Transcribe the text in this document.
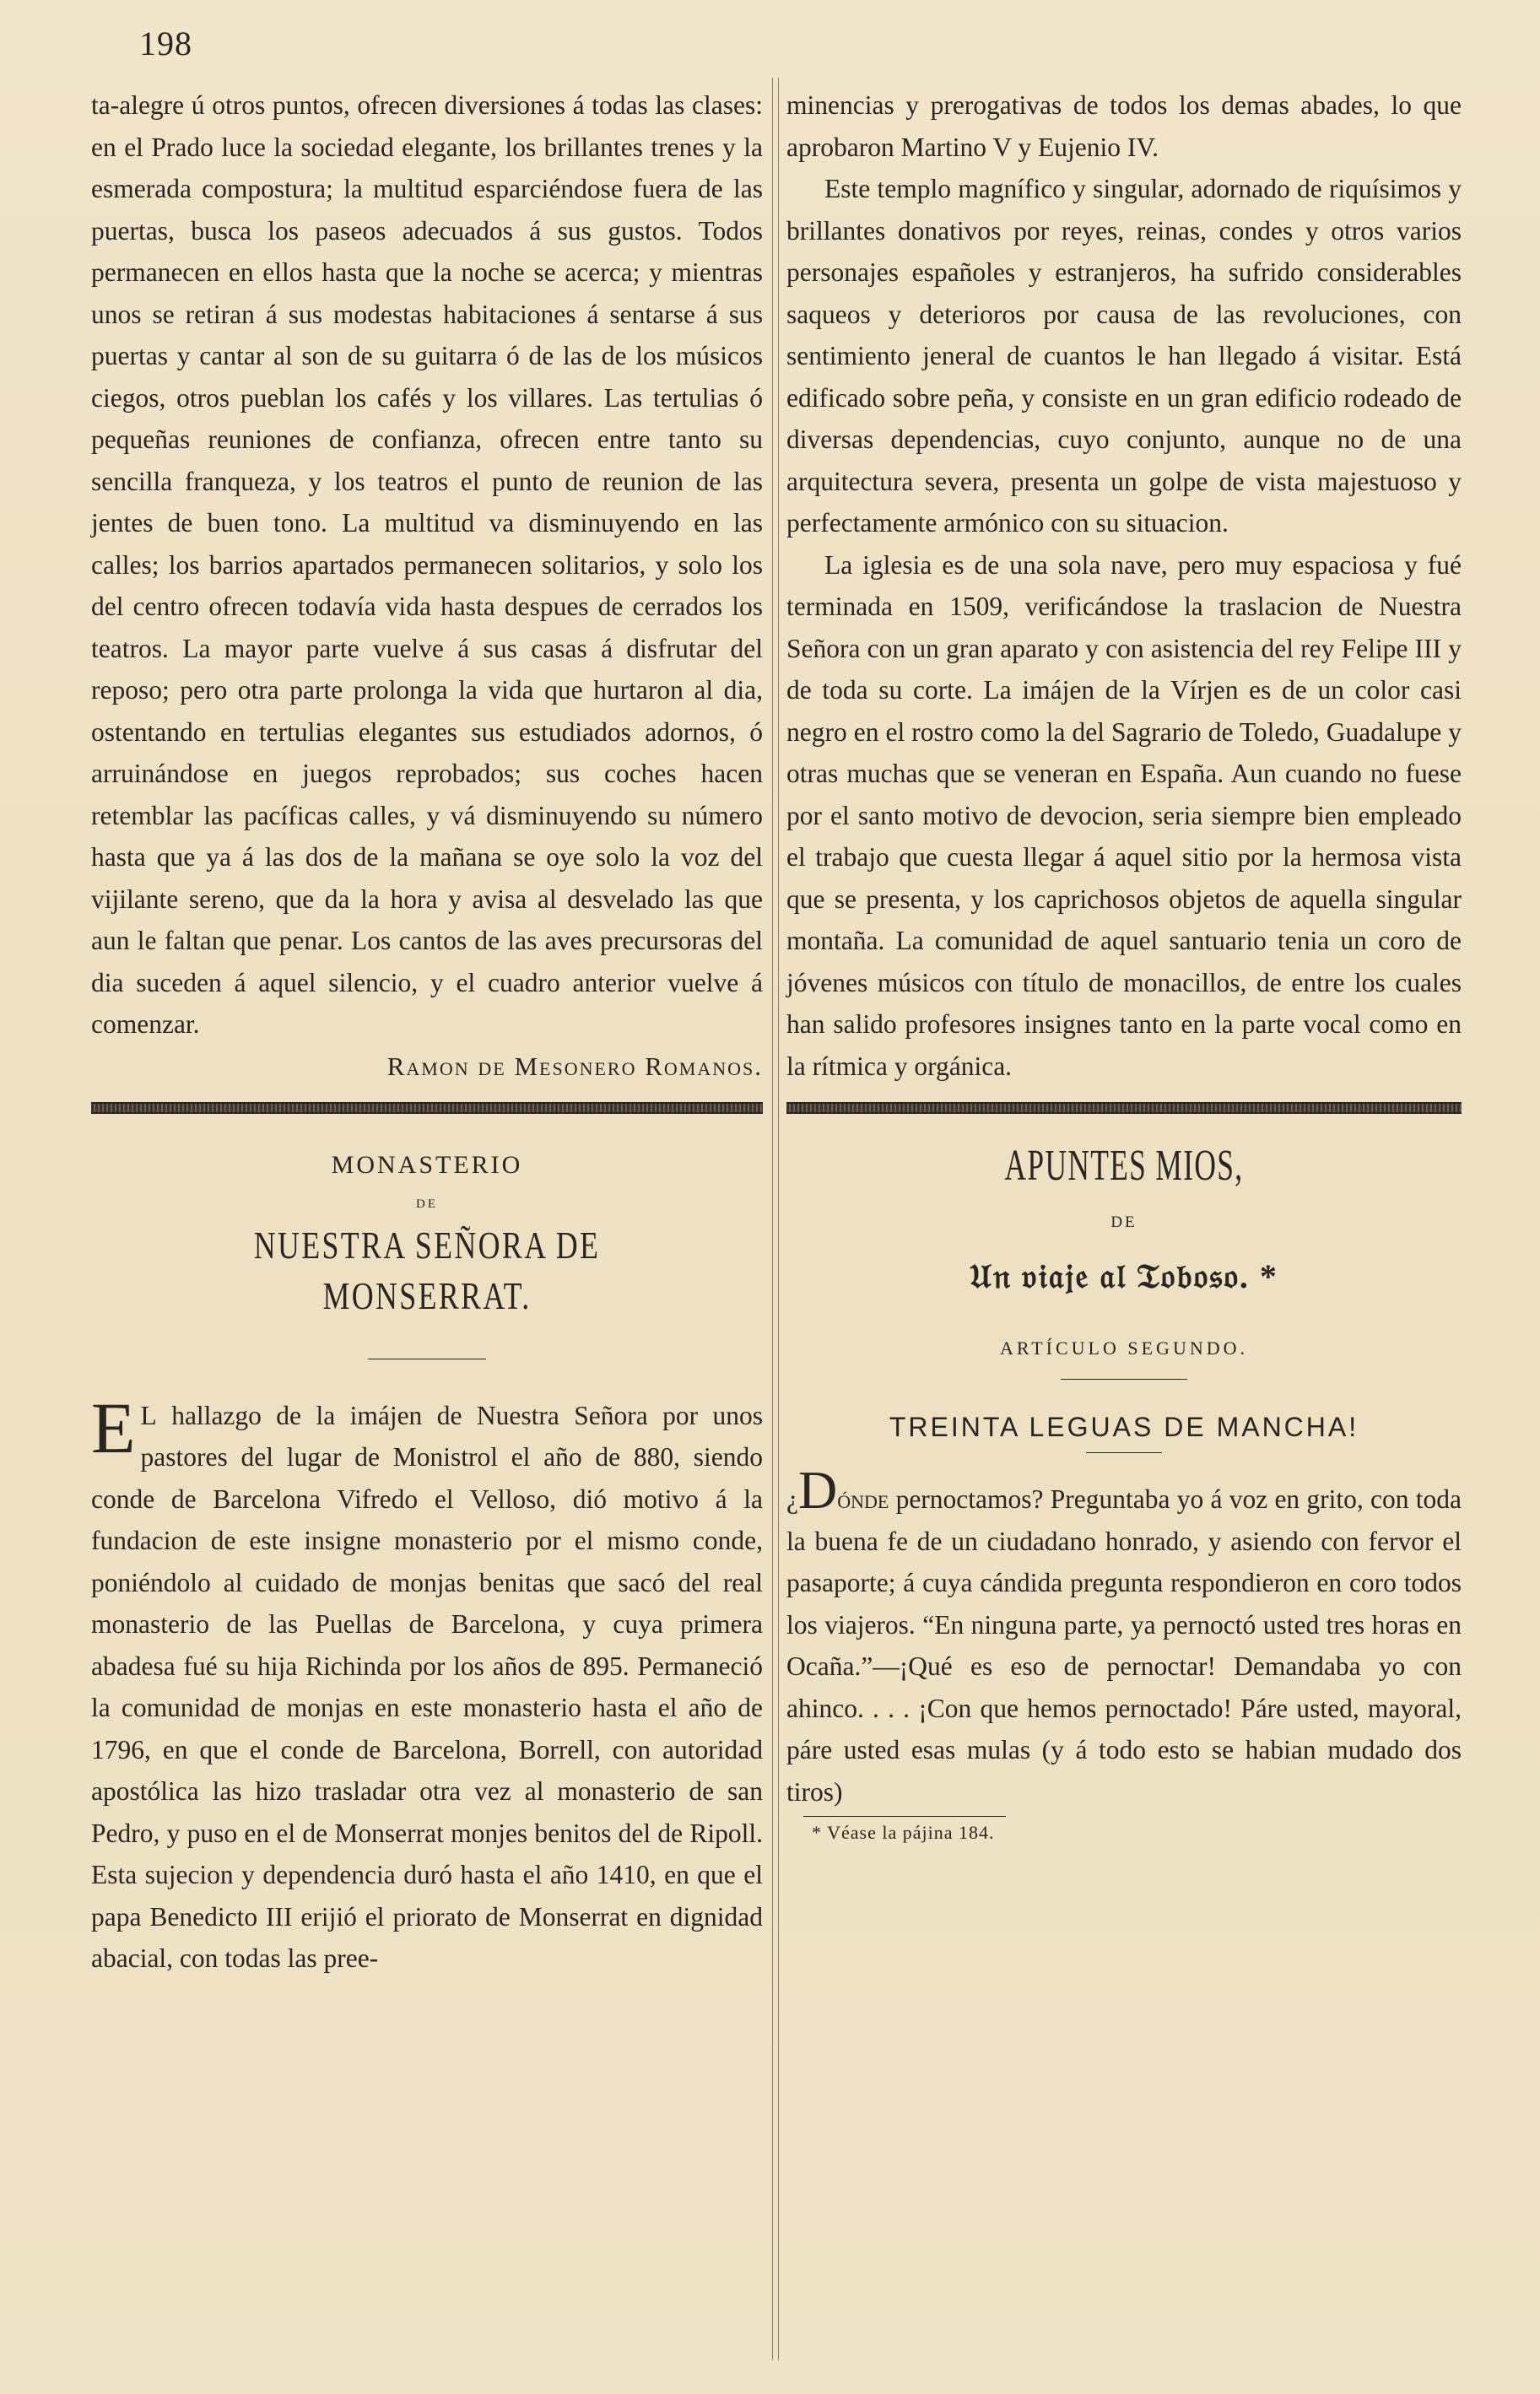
198

ta-alegre ú otros puntos, ofrecen diversiones á todas las clases: en el Prado luce la sociedad elegante, los brillantes trenes y la esmerada compostura; la multitud esparciéndose fuera de las puertas, busca los paseos adecuados á sus gustos. Todos permanecen en ellos hasta que la noche se acerca; y mientras unos se retiran á sus modestas habitaciones á sentarse á sus puertas y cantar al son de su guitarra ó de las de los músicos ciegos, otros pueblan los cafés y los villares. Las tertulias ó pequeñas reuniones de confianza, ofrecen entre tanto su sencilla franqueza, y los teatros el punto de reunion de las jentes de buen tono. La multitud va disminuyendo en las calles; los barrios apartados permanecen solitarios, y solo los del centro ofrecen todavía vida hasta despues de cerrados los teatros. La mayor parte vuelve á sus casas á disfrutar del reposo; pero otra parte prolonga la vida que hurtaron al dia, ostentando en tertulias elegantes sus estudiados adornos, ó arruinándose en juegos reprobados; sus coches hacen retemblar las pacíficas calles, y vá disminuyendo su número hasta que ya á las dos de la mañana se oye solo la voz del vijilante sereno, que da la hora y avisa al desvelado las que aun le faltan que penar. Los cantos de las aves precursoras del dia suceden á aquel silencio, y el cuadro anterior vuelve á comenzar.

Ramon de Mesonero Romanos.

MONASTERIO
DE
NUESTRA SEÑORA DE MONSERRAT.

E L hallazgo de la imájen de Nuestra Señora por unos pastores del lugar de Monistrol el año de 880, siendo conde de Barcelona Vifredo el Velloso, dió motivo á la fundacion de este insigne monasterio por el mismo conde, poniéndolo al cuidado de monjas benitas que sacó del real monasterio de las Puellas de Barcelona, y cuya primera abadesa fué su hija Richinda por los años de 895. Permaneció la comunidad de monjas en este monasterio hasta el año de 1796, en que el conde de Barcelona, Borrell, con autoridad apostólica las hizo trasladar otra vez al monasterio de san Pedro, y puso en el de Monserrat monjes benitos del de Ripoll. Esta sujecion y dependencia duró hasta el año 1410, en que el papa Benedicto III erijió el priorato de Monserrat en dignidad abacial, con todas las pree-

minencias y prerogativas de todos los demas abades, lo que aprobaron Martino V y Eujenio IV.

Este templo magnífico y singular, adornado de riquísimos y brillantes donativos por reyes, reinas, condes y otros varios personajes españoles y estranjeros, ha sufrido considerables saqueos y deterioros por causa de las revoluciones, con sentimiento jeneral de cuantos le han llegado á visitar. Está edificado sobre peña, y consiste en un gran edificio rodeado de diversas dependencias, cuyo conjunto, aunque no de una arquitectura severa, presenta un golpe de vista majestuoso y perfectamente armónico con su situacion.

La iglesia es de una sola nave, pero muy espaciosa y fué terminada en 1509, verificándose la traslacion de Nuestra Señora con un gran aparato y con asistencia del rey Felipe III y de toda su corte. La imájen de la Vírjen es de un color casi negro en el rostro como la del Sagrario de Toledo, Guadalupe y otras muchas que se veneran en España. Aun cuando no fuese por el santo motivo de devocion, seria siempre bien empleado el trabajo que cuesta llegar á aquel sitio por la hermosa vista que se presenta, y los caprichosos objetos de aquella singular montaña. La comunidad de aquel santuario tenia un coro de jóvenes músicos con título de monacillos, de entre los cuales han salido profesores insignes tanto en la parte vocal como en la rítmica y orgánica.

APUNTES MIOS,
DE
𝔘𝔫 𝔳𝔦𝔞𝔧𝔢 𝔞𝔩 𝔗𝔬𝔟𝔬𝔰𝔬. *
ARTÍCULO SEGUNDO.
TREINTA LEGUAS DE MANCHA!

¿Dónde pernoctamos? Preguntaba yo á voz en grito, con toda la buena fe de un ciudadano honrado, y asiendo con fervor el pasaporte; á cuya cándida pregunta respondieron en coro todos los viajeros. “En ninguna parte, ya pernoctó usted tres horas en Ocaña.”—¡Qué es eso de pernoctar! Demandaba yo con ahinco. . . . ¡Con que hemos pernoctado! Páre usted, mayoral, páre usted esas mulas (y á todo esto se habian mudado dos tiros)

* Véase la pájina 184.
